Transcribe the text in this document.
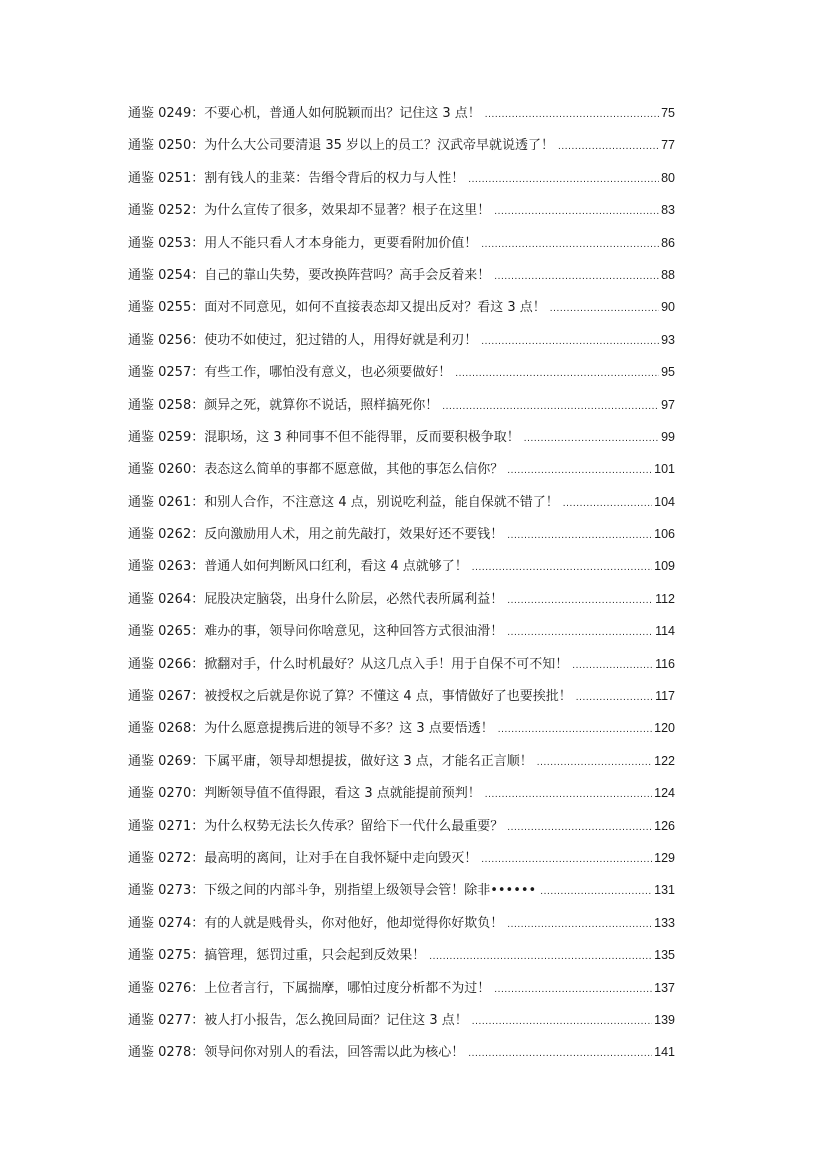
通鉴 0249：不要心机，普通人如何脱颖而出？记住这 3 点！ .....	75
通鉴 0250：为什么大公司要清退 35 岁以上的员工？汉武帝早就说透了！ .....	77
通鉴 0251：割有钱人的韭菜：告缗令背后的权力与人性！ .....	80
通鉴 0252：为什么宣传了很多，效果却不显著？根子在这里！ .....	83
通鉴 0253：用人不能只看人才本身能力，更要看附加价值！ .....	86
通鉴 0254：自己的靠山失势，要改换阵营吗？高手会反着来！ .....	88
通鉴 0255：面对不同意见，如何不直接表态却又提出反对？看这 3 点！ .....	90
通鉴 0256：使功不如使过，犯过错的人，用得好就是利刃！ .....	93
通鉴 0257：有些工作，哪怕没有意义，也必须要做好！ .....	95
通鉴 0258：颜异之死，就算你不说话，照样搞死你！ .....	97
通鉴 0259：混职场，这 3 种同事不但不能得罪，反而要积极争取！ .....	99
通鉴 0260：表态这么简单的事都不愿意做，其他的事怎么信你？ .....	101
通鉴 0261：和别人合作，不注意这 4 点，别说吃利益，能自保就不错了！ .....	104
通鉴 0262：反向激励用人术，用之前先敲打，效果好还不要钱！ .....	106
通鉴 0263：普通人如何判断风口红利，看这 4 点就够了！ .....	109
通鉴 0264：屁股决定脑袋，出身什么阶层，必然代表所属利益！ .....	112
通鉴 0265：难办的事，领导问你啥意见，这种回答方式很油滑！ .....	114
通鉴 0266：掀翻对手，什么时机最好？从这几点入手！用于自保不可不知！ .....	116
通鉴 0267：被授权之后就是你说了算？不懂这 4 点，事情做好了也要挨批！ .....	117
通鉴 0268：为什么愿意提携后进的领导不多？这 3 点要悟透！ .....	120
通鉴 0269：下属平庸，领导却想提拔，做好这 3 点，才能名正言顺！ .....	122
通鉴 0270：判断领导值不值得跟，看这 3 点就能提前预判！ .....	124
通鉴 0271：为什么权势无法长久传承？留给下一代什么最重要？ .....	126
通鉴 0272：最高明的离间，让对手在自我怀疑中走向毁灭！ .....	129
通鉴 0273：下级之间的内部斗争，别指望上级领导会管！除非•••••• .....	131
通鉴 0274：有的人就是贱骨头，你对他好，他却觉得你好欺负！ .....	133
通鉴 0275：搞管理，惩罚过重，只会起到反效果！ .....	135
通鉴 0276：上位者言行，下属揣摩，哪怕过度分析都不为过！ .....	137
通鉴 0277：被人打小报告，怎么挽回局面？记住这 3 点！ .....	139
通鉴 0278：领导问你对别人的看法，回答需以此为核心！ .....	141
